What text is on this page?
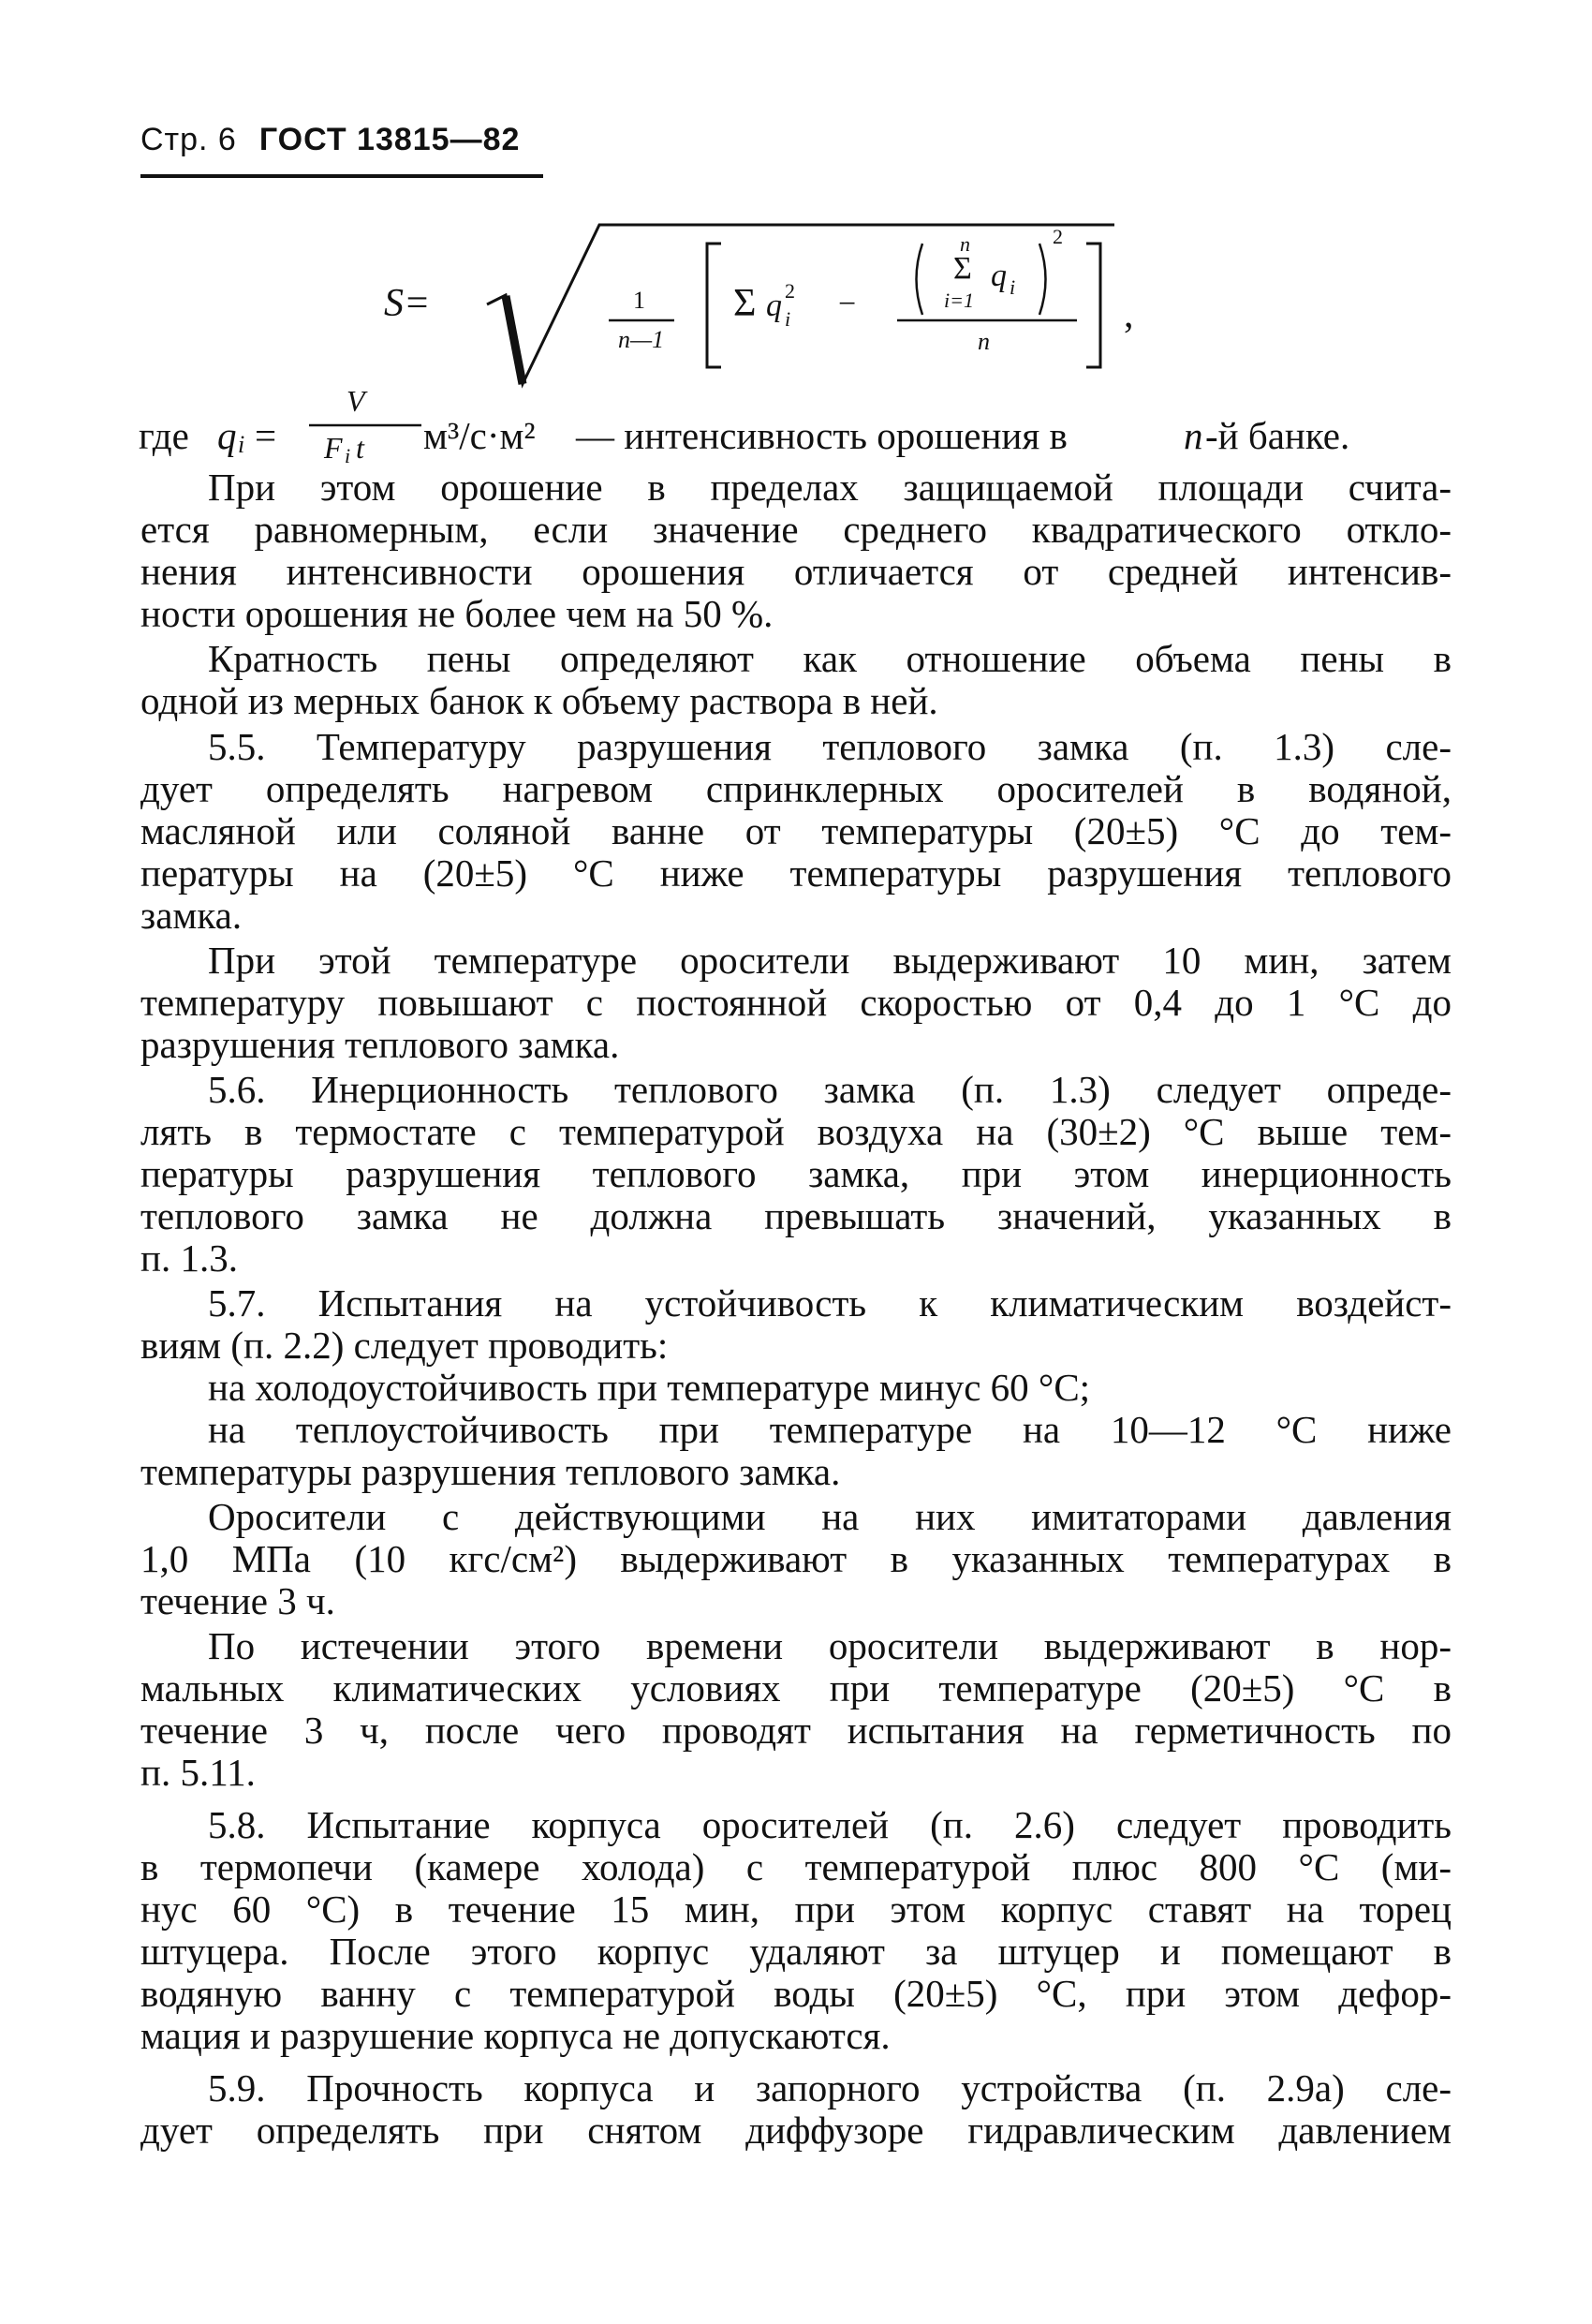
Стр. 6 ГОСТ 13815—82
S=	1
n—1
Σ q 2
i −
n
Σ
i=1
q i
2
n
,
где q i =
V
F i t м³/с·м² — интенсивность орошения в	n -й банке.
При этом орошение в пределах защищаемой площади счита-
ется равномерным, если значение среднего квадратического откло-
нения интенсивности орошения отличается от средней интенсив-
ности орошения не более чем на 50 %.
Кратность пены определяют как отношение объема пены в
одной из мерных банок к объему раствора в ней.
5.5. Температуру разрушения теплового замка (п. 1.3) сле-
дует определять нагревом спринклерных оросителей в водяной,
масляной или соляной ванне от температуры (20±5) °С до тем-
пературы на (20±5) °С ниже температуры разрушения теплового
замка.
При этой температуре оросители выдерживают 10 мин, затем
температуру повышают с постоянной скоростью от 0,4 до 1 °С до
разрушения теплового замка.
5.6. Инерционность теплового замка (п. 1.3) следует опреде-
лять в термостате с температурой воздуха на (30±2) °С выше тем-
пературы разрушения теплового замка, при этом инерционность
теплового замка не должна превышать значений, указанных в
п. 1.3.
5.7. Испытания на устойчивость к климатическим воздейст-
виям (п. 2.2) следует проводить:
на холодоустойчивость при температуре минус 60 °С;
на теплоустойчивость при температуре на 10—12 °С ниже
температуры разрушения теплового замка.
Оросители с действующими на них имитаторами давления
1,0 МПа (10 кгс/см²) выдерживают в указанных температурах в
течение 3 ч.
По истечении этого времени оросители выдерживают в нор-
мальных климатических условиях при температуре (20±5) °С в
течение 3 ч, после чего проводят испытания на герметичность по
п. 5.11.
5.8. Испытание корпуса оросителей (п. 2.6) следует проводить
в термопечи (камере холода) с температурой плюс 800 °С (ми-
нус 60 °С) в течение 15 мин, при этом корпус ставят на торец
штуцера. После этого корпус удаляют за штуцер и помещают в
водяную ванну с температурой воды (20±5) °С, при этом дефор-
мация и разрушение корпуса не допускаются.
5.9. Прочность корпуса и запорного устройства (п. 2.9а) сле-
дует определять при снятом диффузоре гидравлическим давлением
